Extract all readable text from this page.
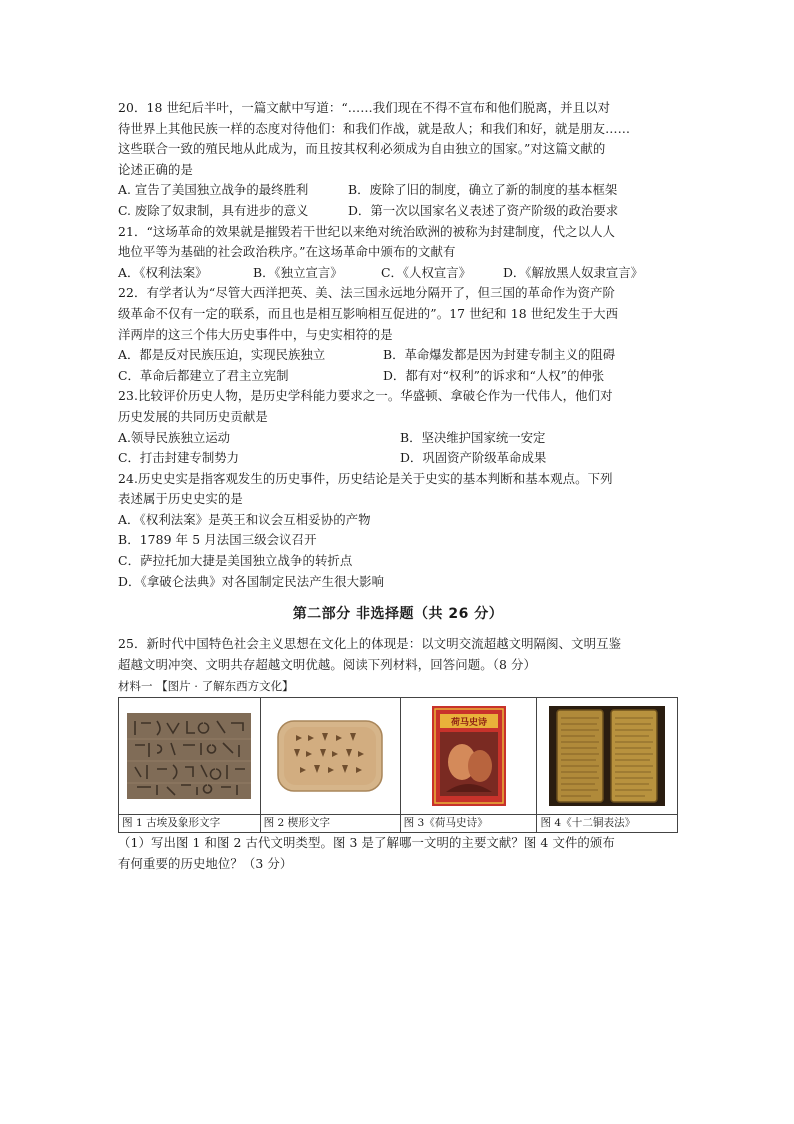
20．18 世纪后半叶，一篇文献中写道：“……我们现在不得不宣布和他们脱离，并且以对
待世界上其他民族一样的态度对待他们：和我们作战，就是敌人；和我们和好，就是朋友……
这些联合一致的殖民地从此成为，而且按其权利必须成为自由独立的国家。”对这篇文献的
论述正确的是
A. 宣告了美国独立战争的最终胜利	B．废除了旧的制度，确立了新的制度的基本框架
C. 废除了奴隶制，具有进步的意义	D．第一次以国家名义表述了资产阶级的政治要求
21．“这场革命的效果就是摧毁若干世纪以来绝对统治欧洲的被称为封建制度，代之以人人
地位平等为基础的社会政治秩序。”在这场革命中颁布的文献有
A．《权利法案》	B．《独立宣言》	C．《人权宣言》	D．《解放黑人奴隶宣言》
22．有学者认为“尽管大西洋把英、美、法三国永远地分隔开了，但三国的革命作为资产阶
级革命不仅有一定的联系，而且也是相互影响相互促进的”。17 世纪和 18 世纪发生于大西
洋两岸的这三个伟大历史事件中，与史实相符的是
A．都是反对民族压迫，实现民族独立	B．革命爆发都是因为封建专制主义的阻碍
C．革命后都建立了君主立宪制	D．都有对“权利”的诉求和“人权”的伸张
23.比较评价历史人物，是历史学科能力要求之一。华盛顿、拿破仑作为一代伟人，他们对
历史发展的共同历史贡献是
A.领导民族独立运动	B．坚决维护国家统一安定
C．打击封建专制势力	D．巩固资产阶级革命成果
24.历史史实是指客观发生的历史事件，历史结论是关于史实的基本判断和基本观点。下列
表述属于历史史实的是
A．《权利法案》是英王和议会互相妥协的产物
B．1789 年 5 月法国三级会议召开
C．萨拉托加大捷是美国独立战争的转折点
D．《拿破仑法典》对各国制定民法产生很大影响
第二部分 非选择题（共 26 分）
25．新时代中国特色社会主义思想在文化上的体现是：以文明交流超越文明隔阂、文明互鉴
超越文明冲突、文明共存超越文明优越。阅读下列材料，回答问题。（8 分）
材料一 【图片 · 了解东西方文化】

荷马史诗

图 1 古埃及象形文字	图 2 楔形文字	图 3《荷马史诗》	图 4《十二铜表法》
（1）写出图 1 和图 2 古代文明类型。图 3 是了解哪一文明的主要文献？图 4 文件的颁布
有何重要的历史地位？（3 分）
